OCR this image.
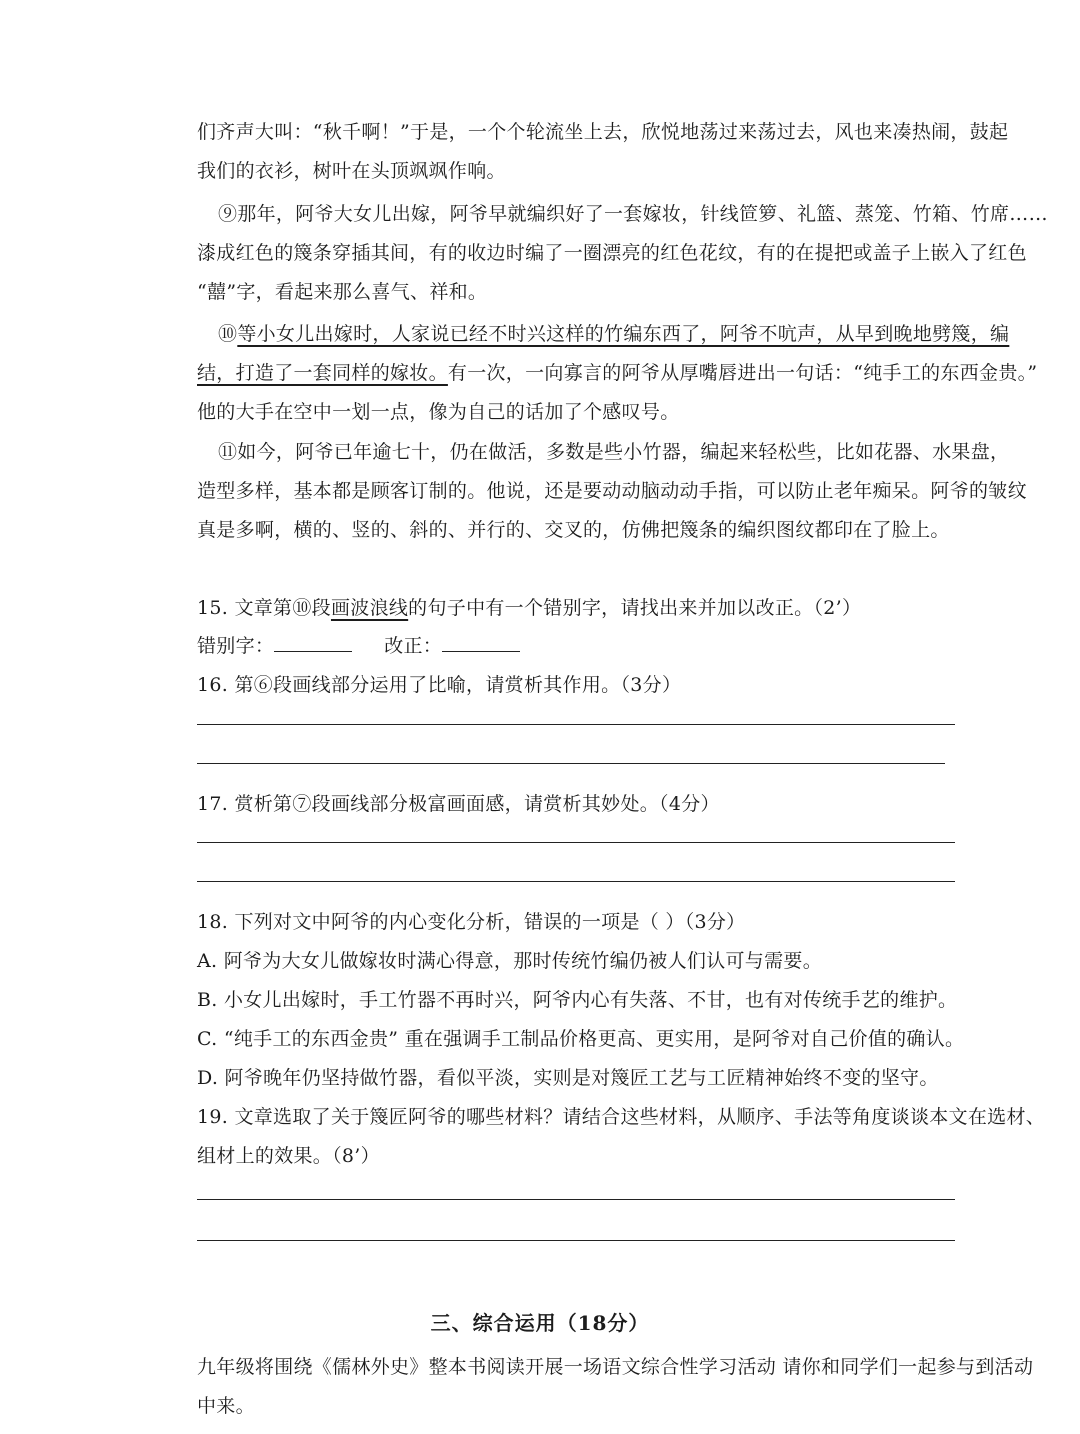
们齐声大叫：“秋千啊！”于是，一个个轮流坐上去，欣悦地荡过来荡过去，风也来凑热闹，鼓起
我们的衣衫，树叶在头顶飒飒作响。
⑨那年，阿爷大女儿出嫁，阿爷早就编织好了一套嫁妆，针线笸箩、礼篮、蒸笼、竹箱、竹席……
漆成红色的篾条穿插其间，有的收边时编了一圈漂亮的红色花纹，有的在提把或盖子上嵌入了红色
“囍”字，看起来那么喜气、祥和。
⑩等小女儿出嫁时，人家说已经不时兴这样的竹编东西了，阿爷不吭声，从早到晚地劈篾，编
结，打造了一套同样的嫁妆。有一次，一向寡言的阿爷从厚嘴唇进出一句话：“纯手工的东西金贵。”
他的大手在空中一划一点，像为自己的话加了个感叹号。
⑪如今，阿爷已年逾七十，仍在做活，多数是些小竹器，编起来轻松些，比如花器、水果盘，
造型多样，基本都是顾客订制的。他说，还是要动动脑动动手指，可以防止老年痴呆。阿爷的皱纹
真是多啊，横的、竖的、斜的、并行的、交叉的，仿佛把篾条的编织图纹都印在了脸上。
15. 文章第⑩段画波浪线的句子中有一个错别字，请找出来并加以改正。（2’）
错别字：	改正：
16. 第⑥段画线部分运用了比喻，请赏析其作用。（3分）
17. 赏析第⑦段画线部分极富画面感，请赏析其妙处。（4分）
18. 下列对文中阿爷的内心变化分析，错误的一项是（ ）（3分）
A. 阿爷为大女儿做嫁妆时满心得意，那时传统竹编仍被人们认可与需要。
B. 小女儿出嫁时，手工竹器不再时兴，阿爷内心有失落、不甘，也有对传统手艺的维护。
C. “纯手工的东西金贵” 重在强调手工制品价格更高、更实用，是阿爷对自己价值的确认。
D. 阿爷晚年仍坚持做竹器，看似平淡，实则是对篾匠工艺与工匠精神始终不变的坚守。
19. 文章选取了关于篾匠阿爷的哪些材料？请结合这些材料，从顺序、手法等角度谈谈本文在选材、
组材上的效果。（8’）
三、综合运用（18分）
九年级将围绕《儒林外史》整本书阅读开展一场语文综合性学习活动 请你和同学们一起参与到活动
中来。
